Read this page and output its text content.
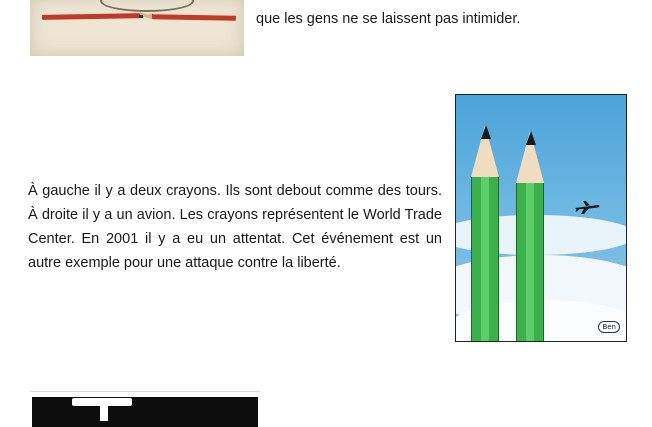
que les gens ne se laissent pas intimider.

À gauche il y a deux crayons. Ils sont debout comme des tours. À droite il y a un avion. Les crayons représentent le World Trade Center. En 2001 il y a eu un attentat. Cet événement est un autre exemple pour une attaque contre la liberté.

Ben
